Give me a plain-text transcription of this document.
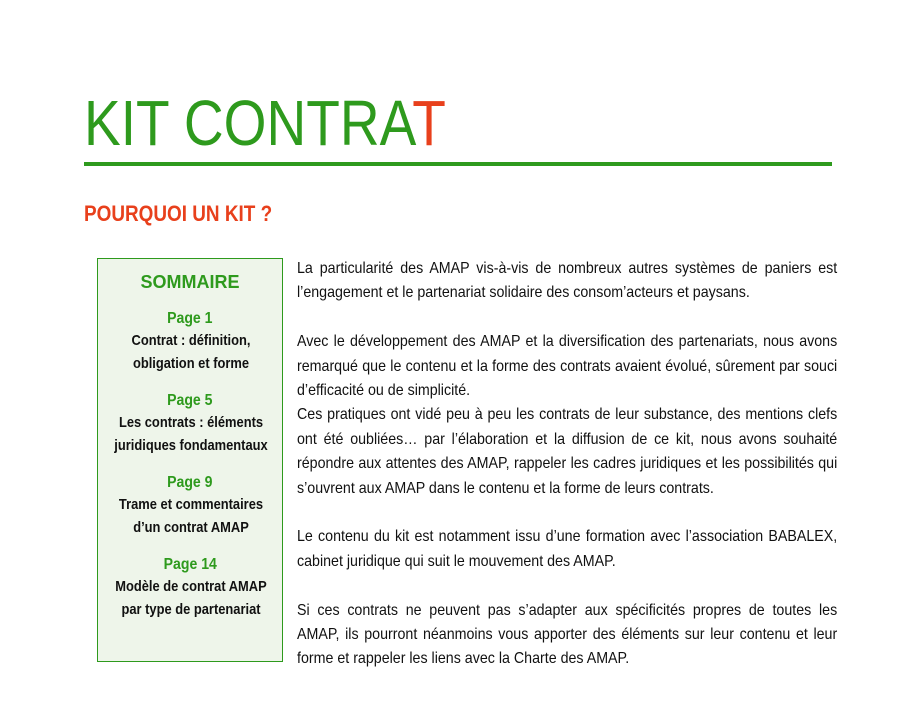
KIT CONTRAT
POURQUOI UN KIT ?
SOMMAIRE
Page 1
Contrat : définition,
obligation et forme
Page 5
Les contrats : éléments
juridiques fondamentaux
Page 9
Trame et commentaires
d’un contrat AMAP
Page 14
Modèle de contrat AMAP
par type de partenariat

La particularité des AMAP vis-à-vis de nombreux autres systèmes de paniers est l’engagement et le partenariat solidaire des consom’acteurs et paysans.

Avec le développement des AMAP et la diversification des partenariats, nous avons remarqué que le contenu et la forme des contrats avaient évolué, sûrement par souci d’efficacité ou de simplicité.

Ces pratiques ont vidé peu à peu les contrats de leur substance, des mentions clefs ont été oubliées… par l’élaboration et la diffusion de ce kit, nous avons souhaité répondre aux attentes des AMAP, rappeler les cadres juridiques et les possibilités qui s’ouvrent aux AMAP dans le contenu et la forme de leurs contrats.

Le contenu du kit est notamment issu d’une formation avec l’association BABALEX, cabinet juridique qui suit le mouvement des AMAP.

Si ces contrats ne peuvent pas s’adapter aux spécificités propres de toutes les AMAP, ils pourront néanmoins vous apporter des éléments sur leur contenu et leur forme et rappeler les liens avec la Charte des AMAP.
